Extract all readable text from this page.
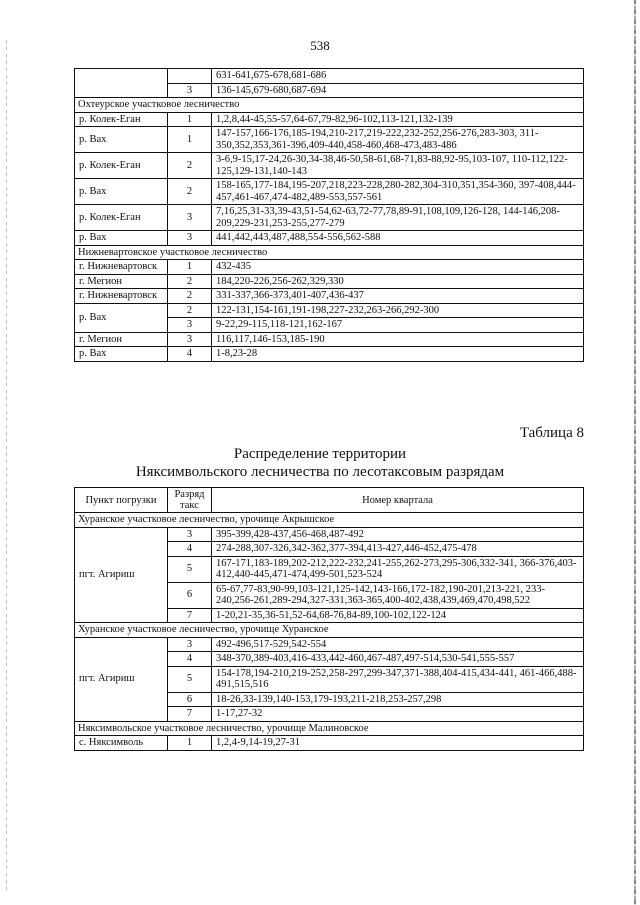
538
		631-641,675-678,681-686
	3	136-145,679-680,687-694
Охтеурское участковое лесничество		
р. Колек-Еган	1	1,2,8,44-45,55-57,64-67,79-82,96-102,113-121,132-139
р. Вах	1	147-157,166-176,185-194,210-217,219-222,232-252,256-276,283-303, 311-350,352,353,361-396,409-440,458-460,468-473,483-486
р. Колек-Еган	2	3-6,9-15,17-24,26-30,34-38,46-50,58-61,68-71,83-88,92-95,103-107, 110-112,122-125,129-131,140-143
р. Вах	2	158-165,177-184,195-207,218,223-228,280-282,304-310,351,354-360, 397-408,444-457,461-467,474-482,489-553,557-561
р. Колек-Еган	3	7,16,25,31-33,39-43,51-54,62-63,72-77,78,89-91,108,109,126-128, 144-146,208-209,229-231,253-255,277-279
р. Вах	3	441,442,443,487,488,554-556,562-588
Нижневартовское участковое лесничество		
г. Нижневартовск	1	432-435
г. Мегион	2	184,220-226,256-262,329,330
г. Нижневартовск	2	331-337,366-373,401-407,436-437
р. Вах	2	122-131,154-161,191-198,227-232,263-266,292-300
	3	9-22,29-115,118-121,162-167
г. Мегион	3	116,117,146-153,185-190
р. Вах	4	1-8,23-28
Таблица 8
Распределение территории
Няксимвольского лесничества по лесотаксовым разрядам
Пункт погрузки	Разряд такс	Номер квартала
Хуранское участковое лесничество, урочище Акрышское		
пгт. Агириш	3	395-399,428-437,456-468,487-492
	4	274-288,307-326,342-362,377-394,413-427,446-452,475-478
	5	167-171,183-189,202-212,222-232,241-255,262-273,295-306,332-341, 366-376,403-412,440-445,471-474,499-501,523-524
	6	65-67,77-83,90-99,103-121,125-142,143-166,172-182,190-201,213-221, 233-240,256-261,289-294,327-331,363-365,400-402,438,439,469,470,498,522
	7	1-20,21-35,36-51,52-64,68-76,84-89,100-102,122-124
Хуранское участковое лесничество, урочище Хуранское		
пгт. Агириш	3	492-496,517-529,542-554
	4	348-370,389-403,416-433,442-460,467-487,497-514,530-541,555-557
	5	154-178,194-210,219-252,258-297,299-347,371-388,404-415,434-441, 461-466,488-491,515,516
	6	18-26,33-139,140-153,179-193,211-218,253-257,298
	7	1-17,27-32
Няксимвольское участковое лесничество, урочище Малиновское		
с. Няксимволь	1	1,2,4-9,14-19,27-31
